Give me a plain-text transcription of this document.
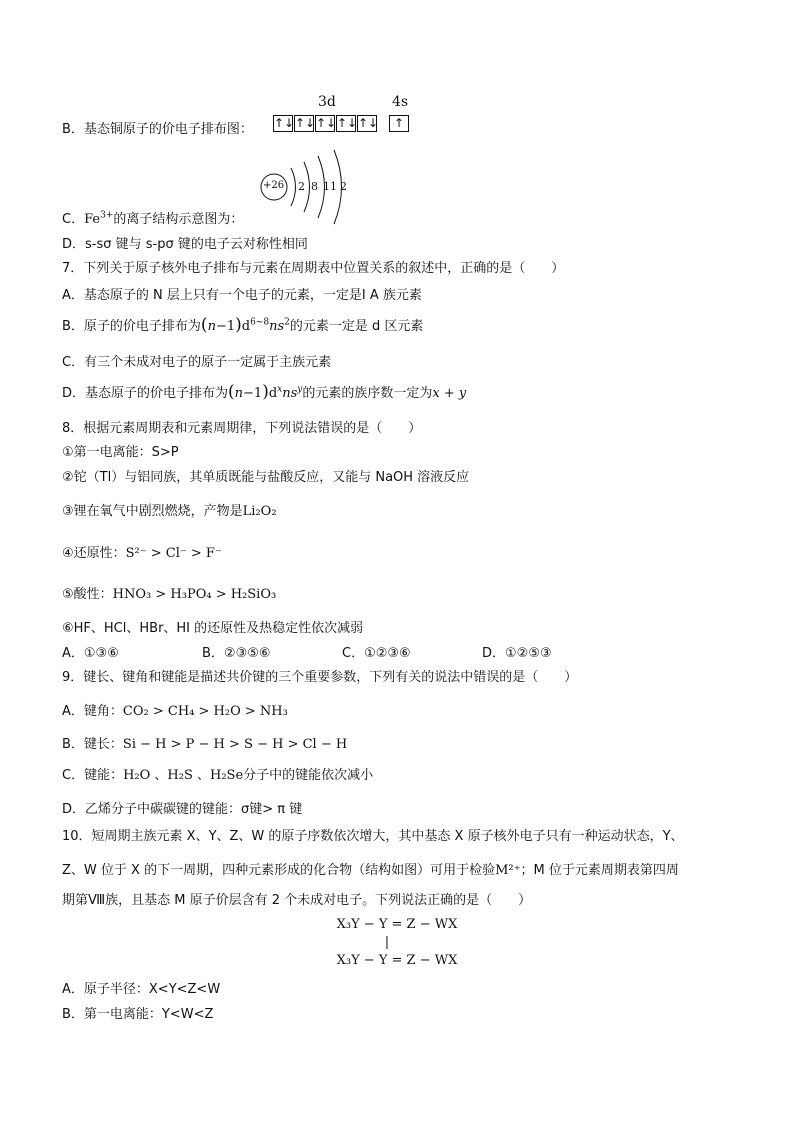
3d	4s
B．基态铜原子的价电子排布图： ↑↓ ↑↓ ↑↓ ↑↓ ↑↓	↑
+26 2 8 11 2
C．$Fe^{3+}$的离子结构示意图为：
D．s-sσ 键与 s-pσ 键的电子云对称性相同
7．下列关于原子核外电子排布与元素在周期表中位置关系的叙述中，正确的是（　　）
A．基态原子的 N 层上只有一个电子的元素，一定是Ⅰ A 族元素
B．原子的价电子排布为$(n-1)d^{6\sim 8}ns^2$的元素一定是 d 区元素
C．有三个未成对电子的原子一定属于主族元素
D．基态原子的价电子排布为$(n-1)d^xns^y$的元素的族序数一定为x + y
8．根据元素周期表和元素周期律，下列说法错误的是（　　）
①第一电离能：S>P
②铊（Tl）与铝同族，其单质既能与盐酸反应，又能与 NaOH 溶液反应
③锂在氧气中剧烈燃烧，产物是Li₂O₂
④还原性：S²⁻ > Cl⁻ > F⁻
⑤酸性：HNO₃ > H₃PO₄ > H₂SiO₃
⑥HF、HCl、HBr、HI 的还原性及热稳定性依次减弱
A．①③⑥	B．②③⑤⑥	C．①②③⑥	D．①②⑤③
9．键长、键角和键能是描述共价键的三个重要参数，下列有关的说法中错误的是（　　）
A．键角：CO₂ > CH₄ > H₂O > NH₃
B．键长：Si − H > P − H > S − H > Cl − H
C．键能：H₂O 、H₂S 、H₂Se分子中的键能依次减小
D．乙烯分子中碳碳键的键能：σ键> π 键
10．短周期主族元素 X、Y、Z、W 的原子序数依次增大，其中基态 X 原子核外电子只有一种运动状态，Y、
Z、W 位于 X 的下一周期，四种元素形成的化合物（结构如图）可用于检验M²⁺；M 位于元素周期表第四周
期第Ⅷ族，且基态 M 原子价层含有 2 个未成对电子。下列说法正确的是（　　）
X₃Y − Y = Z − WX
|
X₃Y − Y = Z − WX
A．原子半径：X<Y<Z<W
B．第一电离能：Y<W<Z
